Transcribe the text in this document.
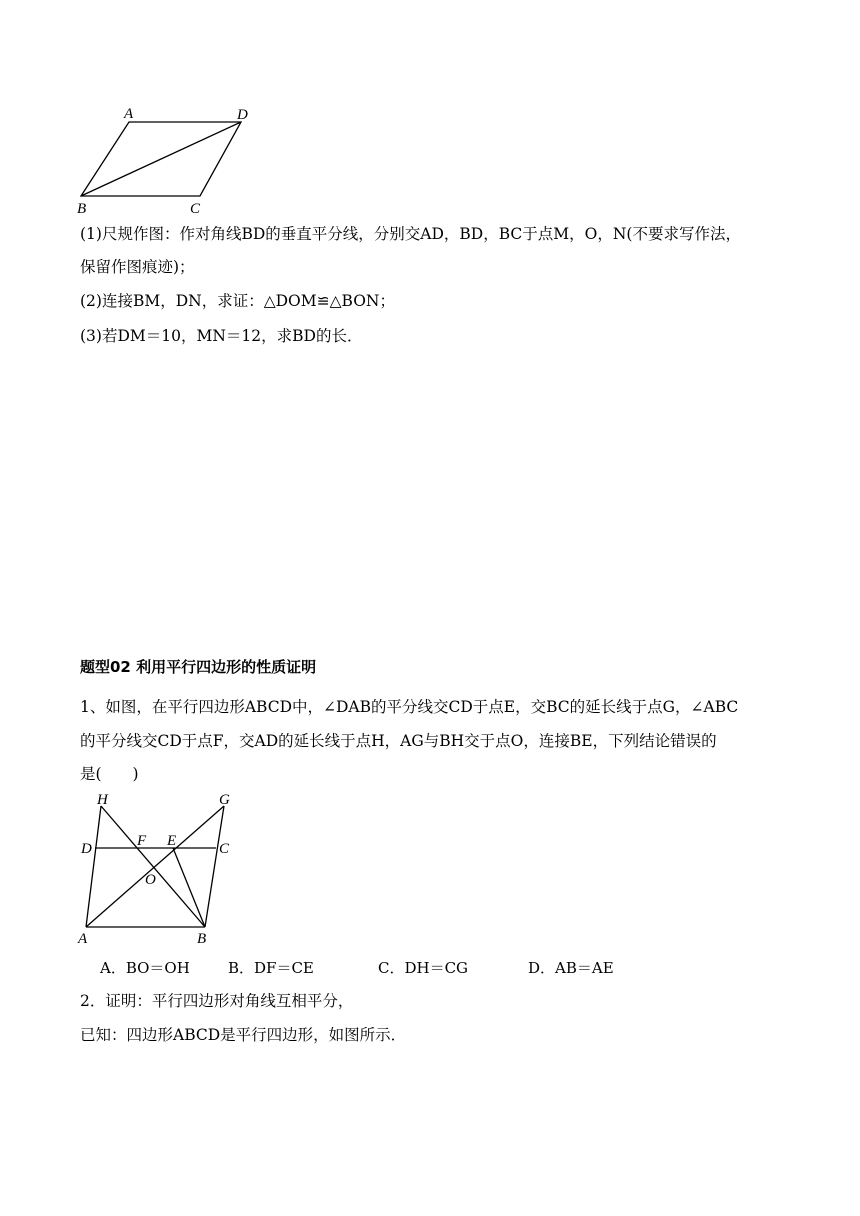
A	D
B	C
(1)尺规作图：作对角线BD的垂直平分线，分别交AD，BD，BC于点M，O，N(不要求写作法，
保留作图痕迹)；
(2)连接BM，DN，求证：△DOM≌△BON；
(3)若DM＝10，MN＝12，求BD的长．
题型02 利用平行四边形的性质证明
1、如图，在平行四边形ABCD中，∠DAB的平分线交CD于点E，交BC的延长线于点G，∠ABC
的平分线交CD于点F，交AD的延长线于点H，AG与BH交于点O，连接BE，下列结论错误的
是(　　)
H	G
D	F E	C
O
A	B
A．BO＝OH	B．DF＝CE	C．DH＝CG	D．AB＝AE
2．证明：平行四边形对角线互相平分，
已知：四边形ABCD是平行四边形，如图所示．
